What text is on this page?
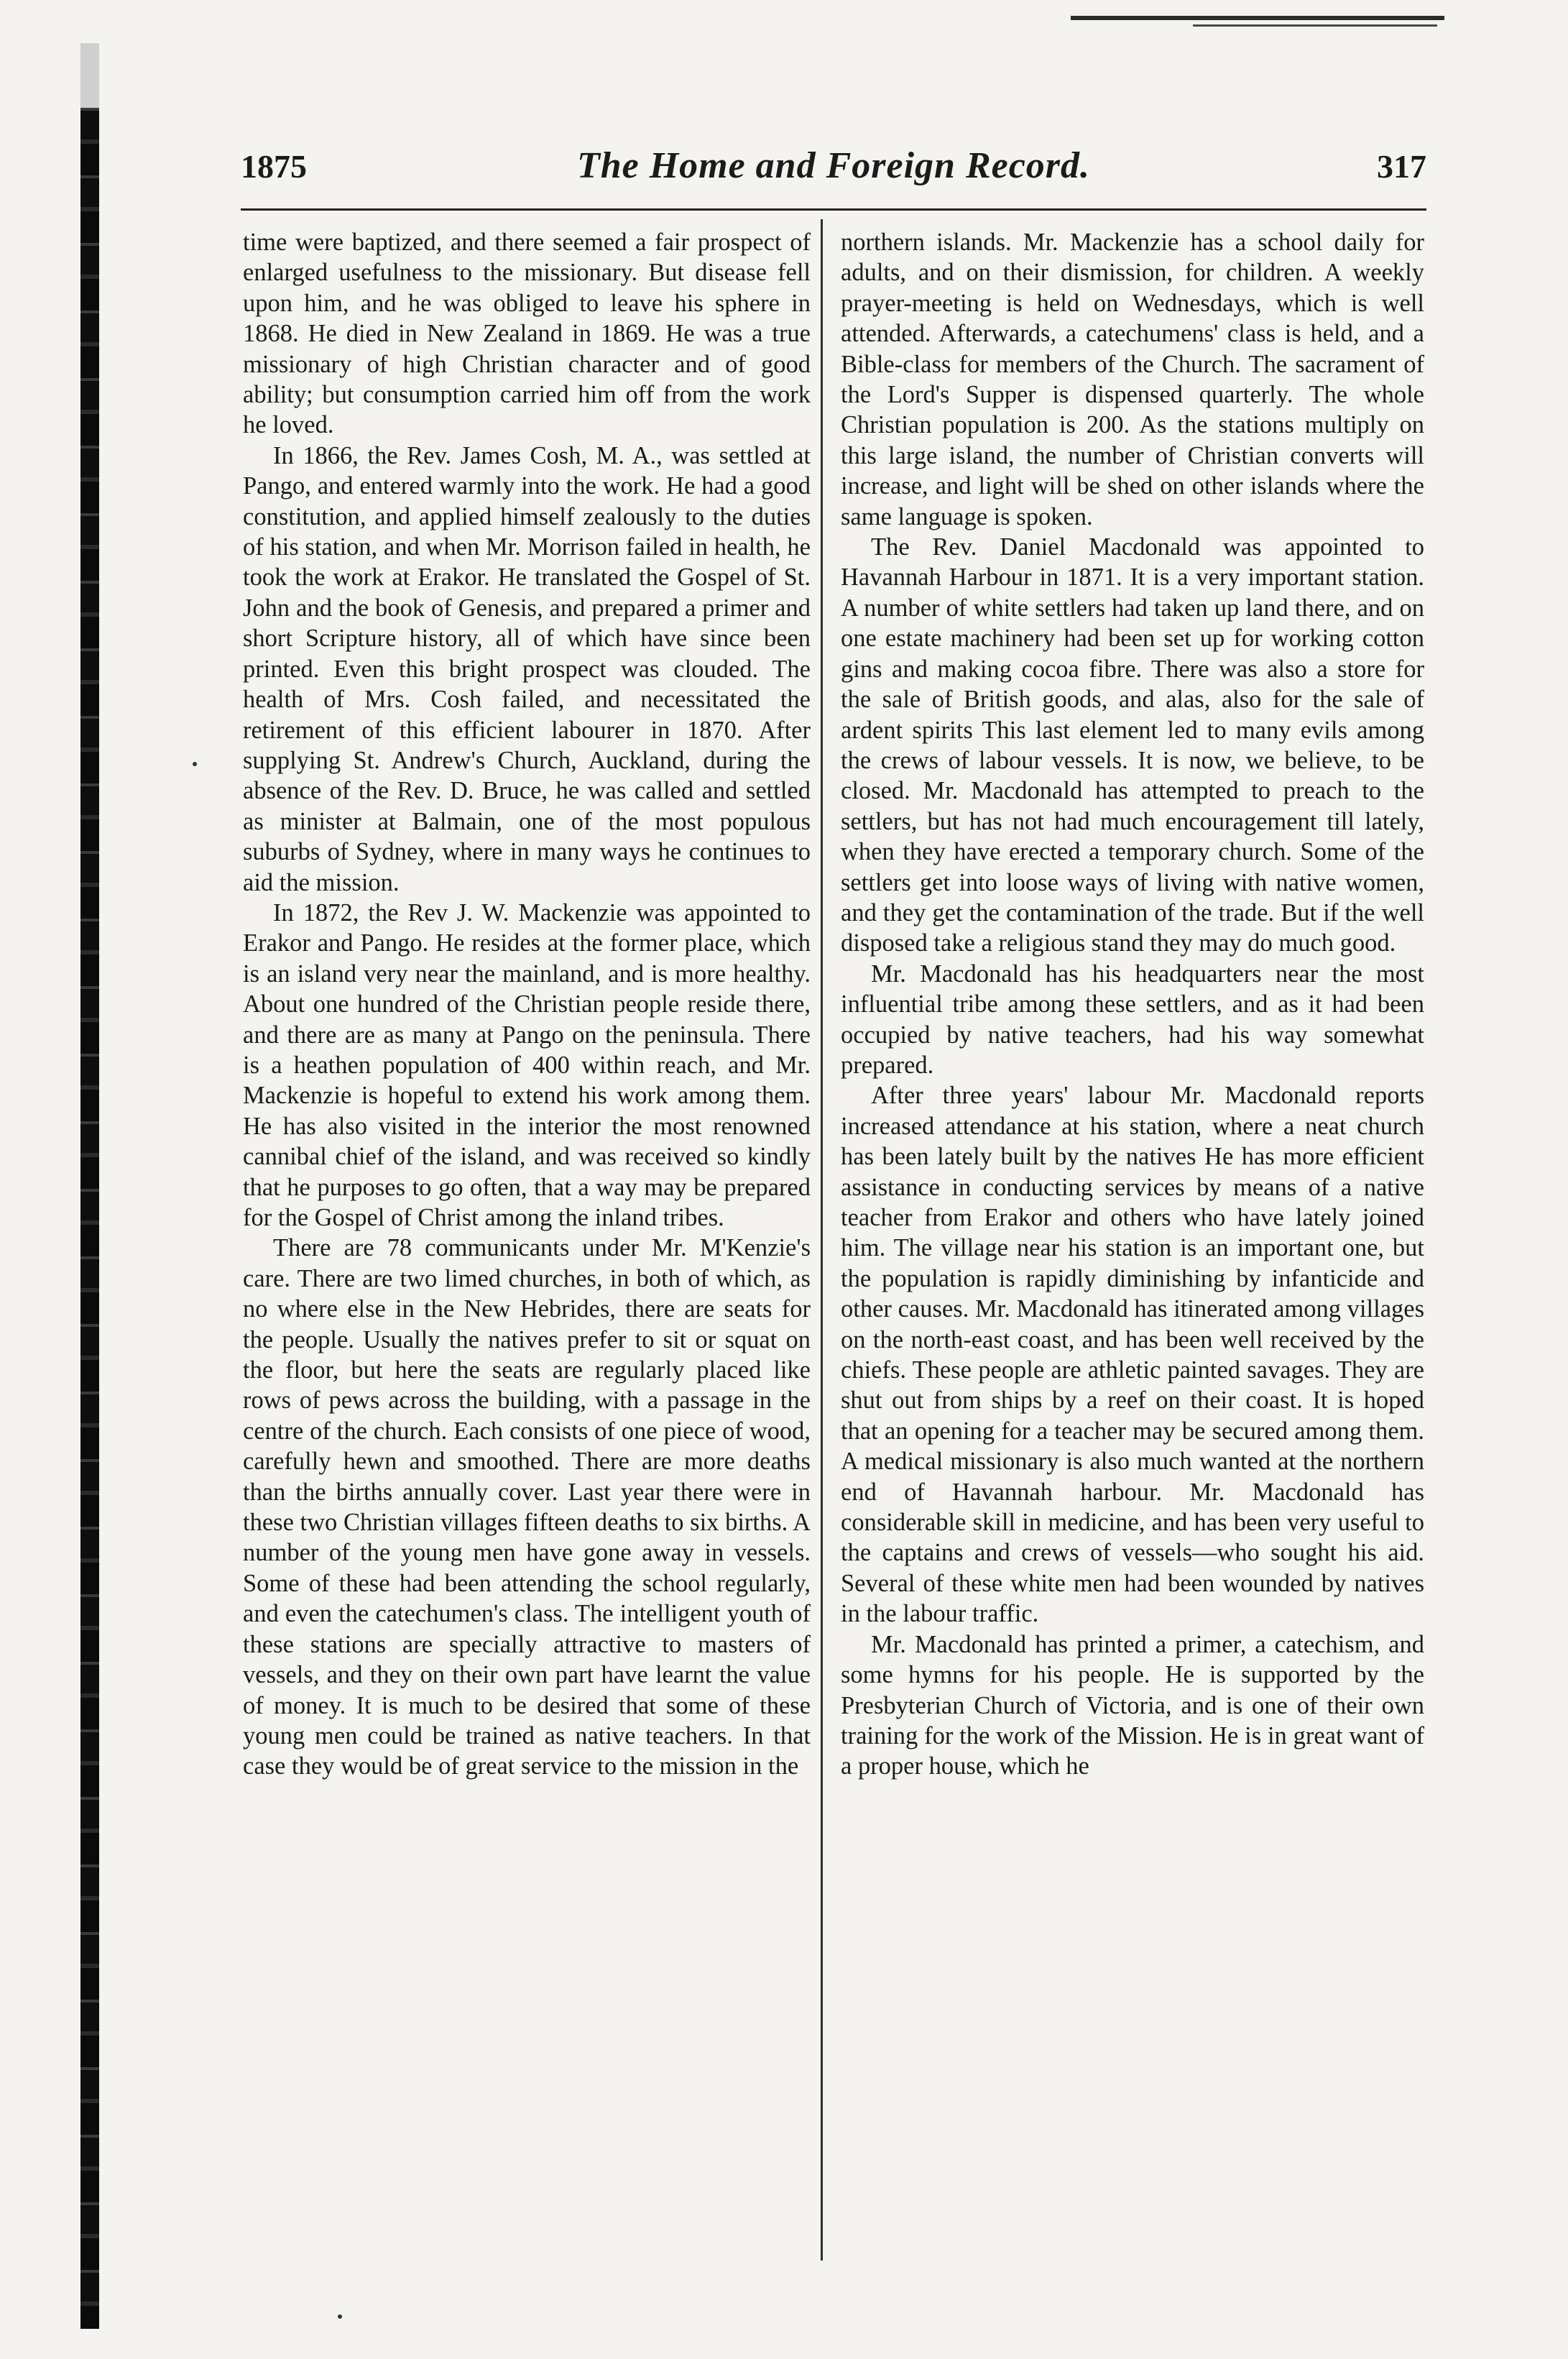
1875	The Home and Foreign Record.	317

time were baptized, and there seemed a fair prospect of enlarged usefulness to the missionary. But disease fell upon him, and he was obliged to leave his sphere in 1868. He died in New Zealand in 1869. He was a true missionary of high Christian character and of good ability; but consumption carried him off from the work he loved.

In 1866, the Rev. James Cosh, M. A., was settled at Pango, and entered warmly into the work. He had a good constitution, and applied himself zealously to the duties of his station, and when Mr. Morrison failed in health, he took the work at Erakor. He translated the Gospel of St. John and the book of Genesis, and prepared a primer and short Scripture history, all of which have since been printed. Even this bright prospect was clouded. The health of Mrs. Cosh failed, and necessitated the retirement of this efficient labourer in 1870. After supplying St. Andrew's Church, Auckland, during the absence of the Rev. D. Bruce, he was called and settled as minister at Balmain, one of the most populous suburbs of Sydney, where in many ways he continues to aid the mission.

In 1872, the Rev J. W. Mackenzie was appointed to Erakor and Pango. He resides at the former place, which is an island very near the mainland, and is more healthy. About one hundred of the Christian people reside there, and there are as many at Pango on the peninsula. There is a heathen population of 400 within reach, and Mr. Mackenzie is hopeful to extend his work among them. He has also visited in the interior the most renowned cannibal chief of the island, and was received so kindly that he purposes to go often, that a way may be prepared for the Gospel of Christ among the inland tribes.

There are 78 communicants under Mr. M'Kenzie's care. There are two limed churches, in both of which, as no where else in the New Hebrides, there are seats for the people. Usually the natives prefer to sit or squat on the floor, but here the seats are regularly placed like rows of pews across the building, with a passage in the centre of the church. Each consists of one piece of wood, carefully hewn and smoothed. There are more deaths than the births annually cover. Last year there were in these two Christian villages fifteen deaths to six births. A number of the young men have gone away in vessels. Some of these had been attending the school regularly, and even the catechumen's class. The intelligent youth of these stations are specially attractive to masters of vessels, and they on their own part have learnt the value of money. It is much to be desired that some of these young men could be trained as native teachers. In that case they would be of great service to the mission in the

northern islands. Mr. Mackenzie has a school daily for adults, and on their dismission, for children. A weekly prayer-meeting is held on Wednesdays, which is well attended. Afterwards, a catechumens' class is held, and a Bible-class for members of the Church. The sacrament of the Lord's Supper is dispensed quarterly. The whole Christian population is 200. As the stations multiply on this large island, the number of Christian converts will increase, and light will be shed on other islands where the same language is spoken.

The Rev. Daniel Macdonald was appointed to Havannah Harbour in 1871. It is a very important station. A number of white settlers had taken up land there, and on one estate machinery had been set up for working cotton gins and making cocoa fibre. There was also a store for the sale of British goods, and alas, also for the sale of ardent spirits This last element led to many evils among the crews of labour vessels. It is now, we believe, to be closed. Mr. Macdonald has attempted to preach to the settlers, but has not had much encouragement till lately, when they have erected a temporary church. Some of the settlers get into loose ways of living with native women, and they get the contamination of the trade. But if the well disposed take a religious stand they may do much good.

Mr. Macdonald has his headquarters near the most influential tribe among these settlers, and as it had been occupied by native teachers, had his way somewhat prepared.

After three years' labour Mr. Macdonald reports increased attendance at his station, where a neat church has been lately built by the natives He has more efficient assistance in conducting services by means of a native teacher from Erakor and others who have lately joined him. The village near his station is an important one, but the population is rapidly diminishing by infanticide and other causes. Mr. Macdonald has itinerated among villages on the north-east coast, and has been well received by the chiefs. These people are athletic painted savages. They are shut out from ships by a reef on their coast. It is hoped that an opening for a teacher may be secured among them. A medical missionary is also much wanted at the northern end of Havannah harbour. Mr. Macdonald has considerable skill in medicine, and has been very useful to the captains and crews of vessels—who sought his aid. Several of these white men had been wounded by natives in the labour traffic.

Mr. Macdonald has printed a primer, a catechism, and some hymns for his people. He is supported by the Presbyterian Church of Victoria, and is one of their own training for the work of the Mission. He is in great want of a proper house, which he
